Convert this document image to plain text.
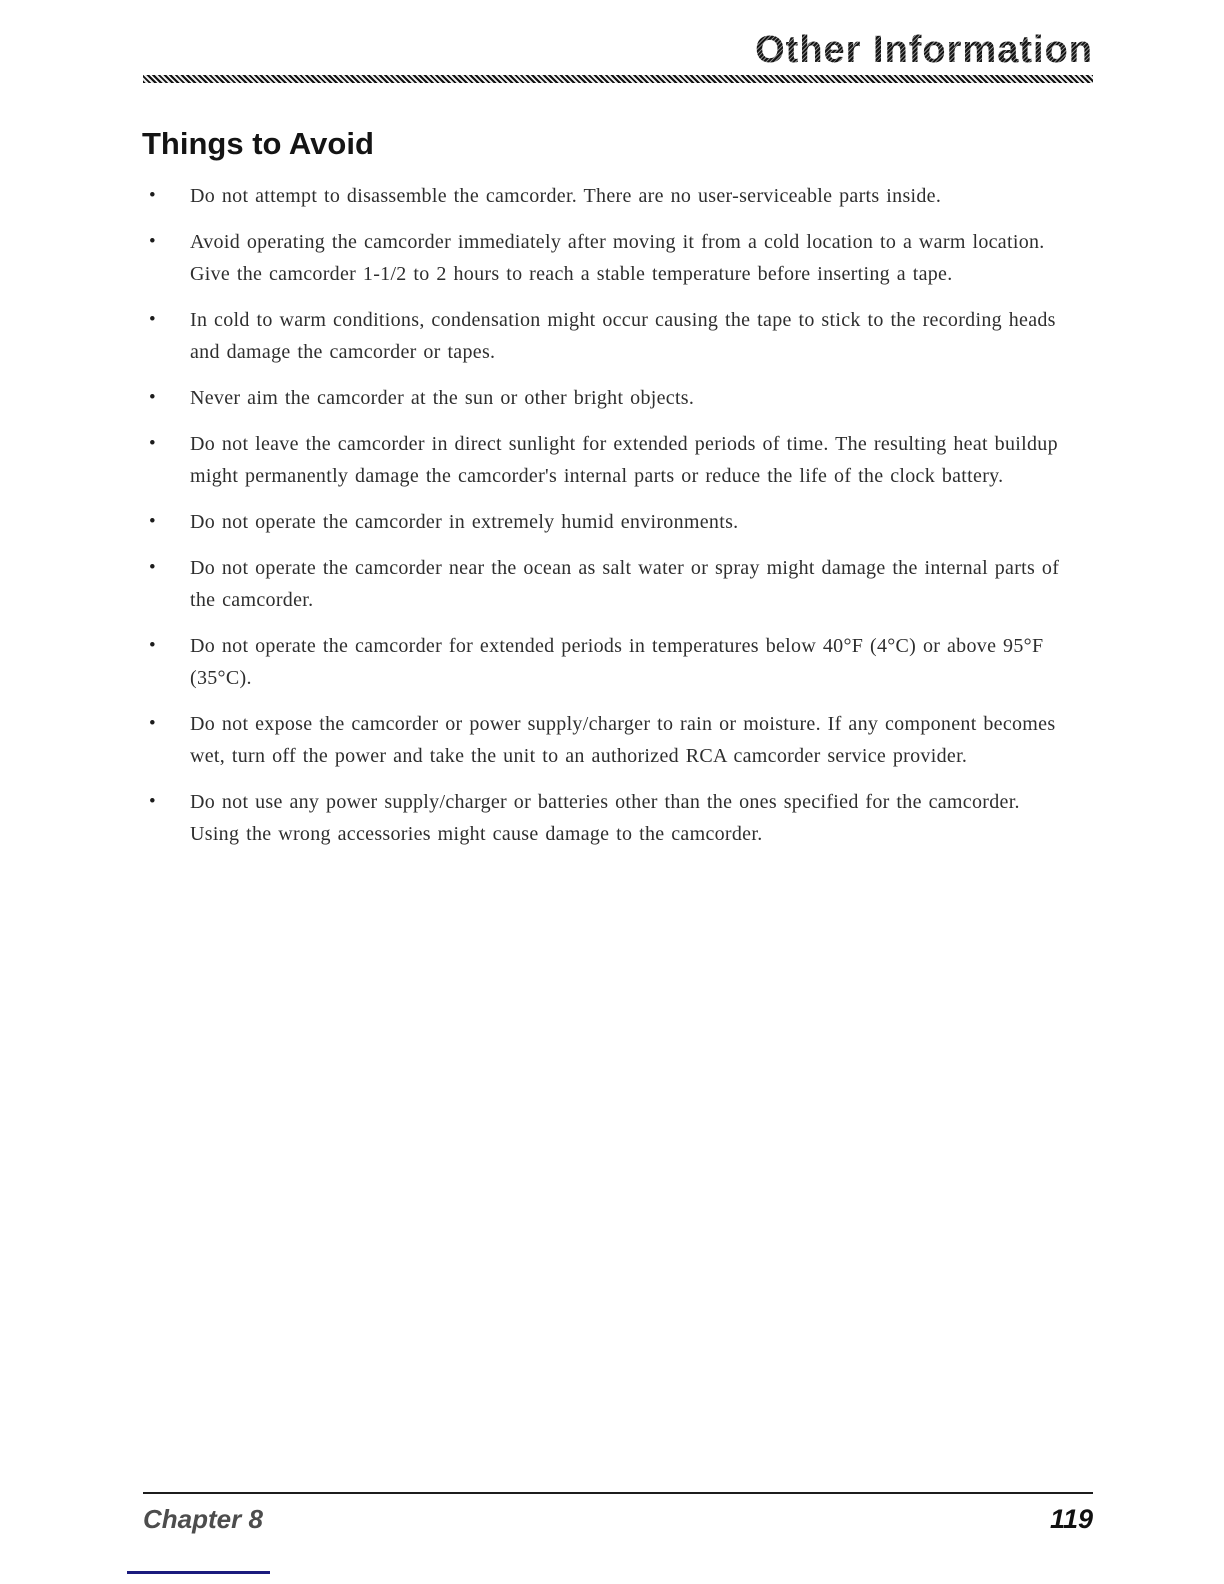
Other Information
Things to Avoid
•
Do not attempt to disassemble the camcorder. There are no user-serviceable parts inside.
•
Avoid operating the camcorder immediately after moving it from a cold location to a warm location. Give the camcorder 1-1/2 to 2 hours to reach a stable temperature before inserting a tape.
•
In cold to warm conditions, condensation might occur causing the tape to stick to the recording heads and damage the camcorder or tapes.
•
Never aim the camcorder at the sun or other bright objects.
•
Do not leave the camcorder in direct sunlight for extended periods of time. The resulting heat buildup might permanently damage the camcorder's internal parts or reduce the life of the clock battery.
•
Do not operate the camcorder in extremely humid environments.
•
Do not operate the camcorder near the ocean as salt water or spray might damage the internal parts of the camcorder.
•
Do not operate the camcorder for extended periods in temperatures below 40°F (4°C) or above 95°F (35°C).
•
Do not expose the camcorder or power supply/charger to rain or moisture. If any component becomes wet, turn off the power and take the unit to an authorized RCA camcorder service provider.
•
Do not use any power supply/charger or batteries other than the ones specified for the camcorder. Using the wrong accessories might cause damage to the camcorder.
Chapter 8	119
